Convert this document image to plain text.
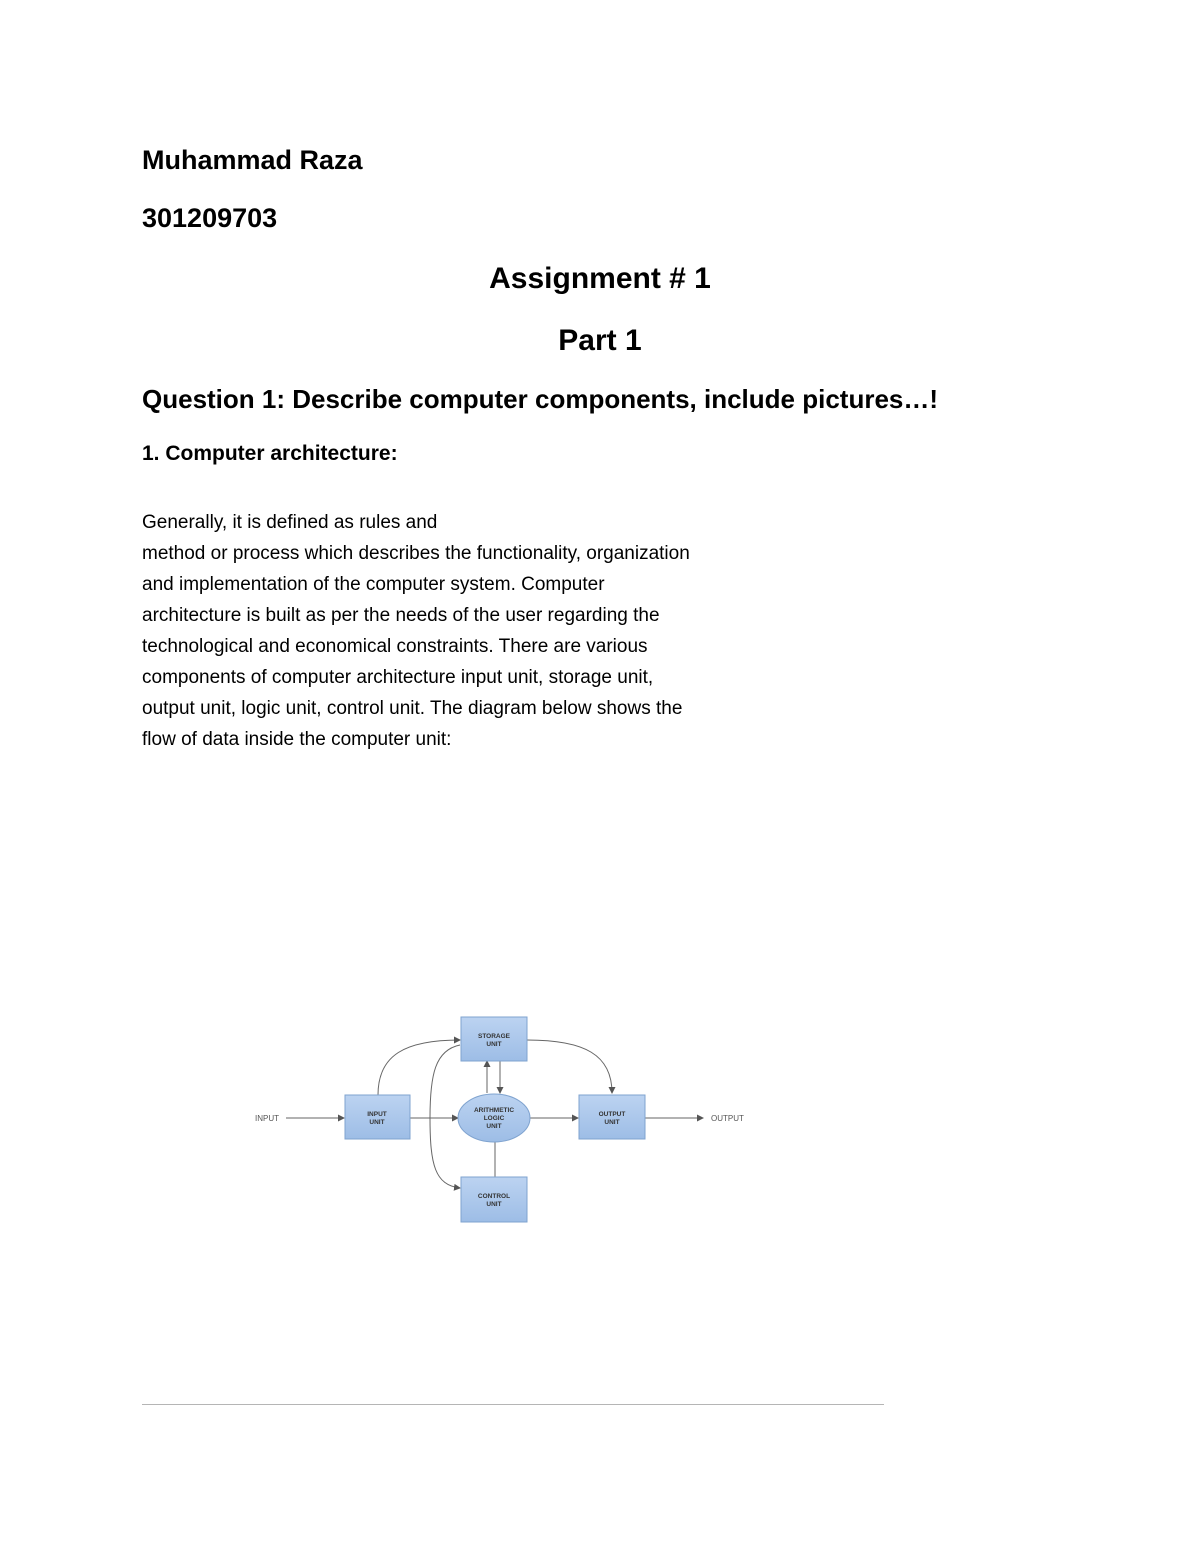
Muhammad Raza
301209703
Assignment # 1
Part 1
Question 1: Describe computer components, include pictures…!
1. Computer architecture:
Generally, it is defined as rules and
method or process which describes the functionality, organization
and implementation of the computer system. Computer
architecture is built as per the needs of the user regarding the
technological and economical constraints. There are various
components of computer architecture input unit, storage unit,
output unit, logic unit, control unit. The diagram below shows the
flow of data inside the computer unit:
INPUT	OUTPUT
STORAGE
UNIT
INPUT
UNIT
ARITHMETIC
LOGIC
UNIT
OUTPUT
UNIT
CONTROL
UNIT
